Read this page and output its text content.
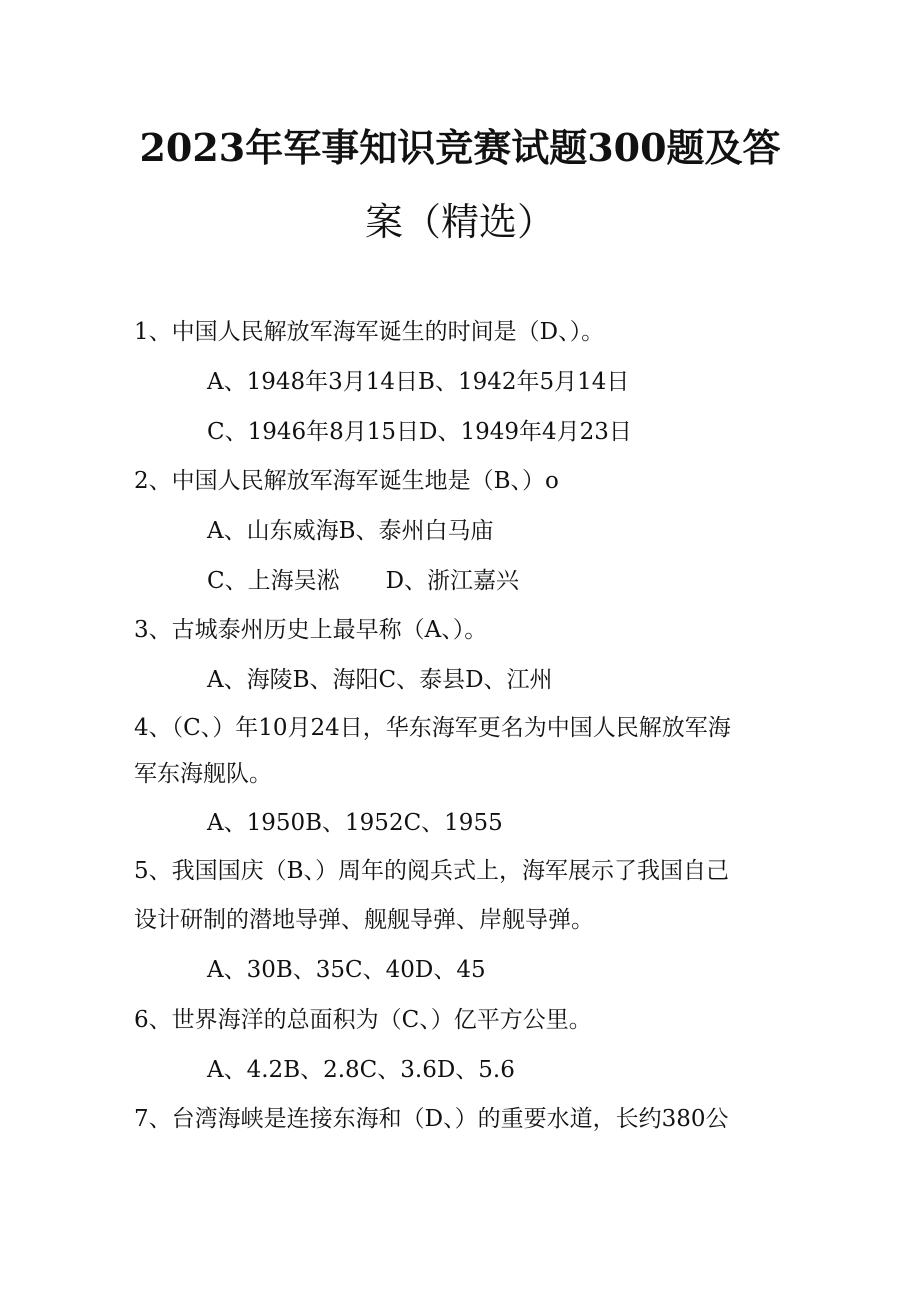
2023年军事知识竞赛试题300题及答
案（精选）
1、中国人民解放军海军诞生的时间是（D、）。
A、1948年3月14日B、1942年5月14日
C、1946年8月15日D、1949年4月23日
2、中国人民解放军海军诞生地是（B、）o
A、山东威海B、泰州白马庙
C、上海吴淞　　D、浙江嘉兴
3、古城泰州历史上最早称（A、）。
A、海陵B、海阳C、泰县D、江州
4、（C、）年10月24日，华东海军更名为中国人民解放军海
军东海舰队。
A、1950B、1952C、1955
5、我国国庆（B、）周年的阅兵式上，海军展示了我国自己
设计研制的潜地导弹、舰舰导弹、岸舰导弹。
A、30B、35C、40D、45
6、世界海洋的总面积为（C、）亿平方公里。
A、4.2B、2.8C、3.6D、5.6
7、台湾海峡是连接东海和（D、）的重要水道，长约380公
